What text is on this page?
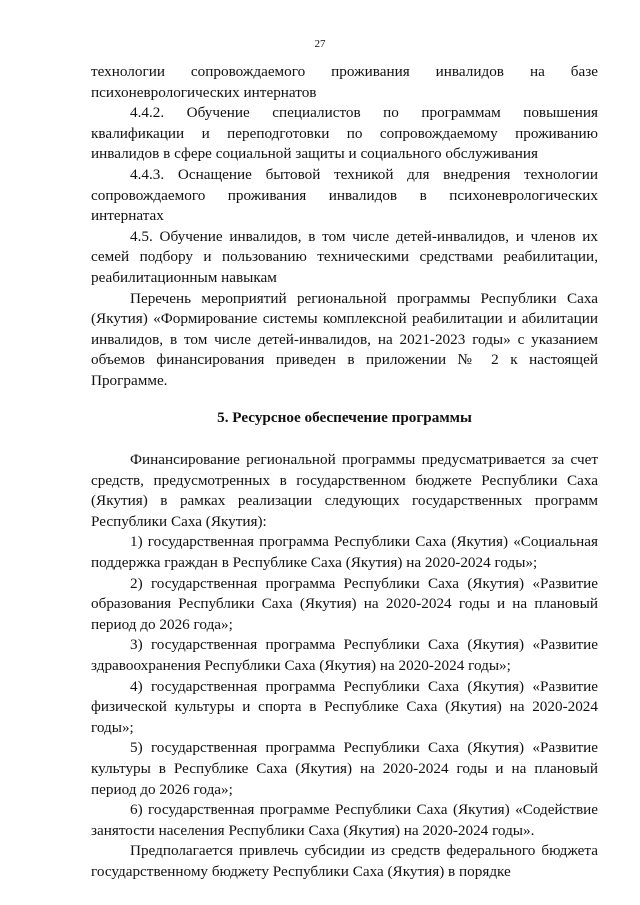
27

технологии сопровождаемого проживания инвалидов на базе психоневрологических интернатов

4.4.2. Обучение специалистов по программам повышения квалификации и переподготовки по сопровождаемому проживанию инвалидов в сфере социальной защиты и социального обслуживания

4.4.3. Оснащение бытовой техникой для внедрения технологии сопровождаемого проживания инвалидов в психоневрологических интернатах

4.5. Обучение инвалидов, в том числе детей-инвалидов, и членов их семей подбору и пользованию техническими средствами реабилитации, реабилитационным навыкам

Перечень мероприятий региональной программы Республики Саха (Якутия) «Формирование системы комплексной реабилитации и абилитации инвалидов, в том числе детей-инвалидов, на 2021-2023 годы» с указанием объемов финансирования приведен в приложении № 2 к настоящей Программе.

5. Ресурсное обеспечение программы

Финансирование региональной программы предусматривается за счет средств, предусмотренных в государственном бюджете Республики Саха (Якутия) в рамках реализации следующих государственных программ Республики Саха (Якутия):

1) государственная программа Республики Саха (Якутия) «Социальная поддержка граждан в Республике Саха (Якутия) на 2020-2024 годы»;

2) государственная программа Республики Саха (Якутия) «Развитие образования Республики Саха (Якутия) на 2020-2024 годы и на плановый период до 2026 года»;

3) государственная программа Республики Саха (Якутия) «Развитие здравоохранения Республики Саха (Якутия) на 2020-2024 годы»;

4) государственная программа Республики Саха (Якутия) «Развитие физической культуры и спорта в Республике Саха (Якутия) на 2020-2024 годы»;

5) государственная программа Республики Саха (Якутия) «Развитие культуры в Республике Саха (Якутия) на 2020-2024 годы и на плановый период до 2026 года»;

6) государственная программе Республики Саха (Якутия) «Содействие занятости населения Республики Саха (Якутия) на 2020-2024 годы».

Предполагается привлечь субсидии из средств федерального бюджета государственному бюджету Республики Саха (Якутия) в порядке
